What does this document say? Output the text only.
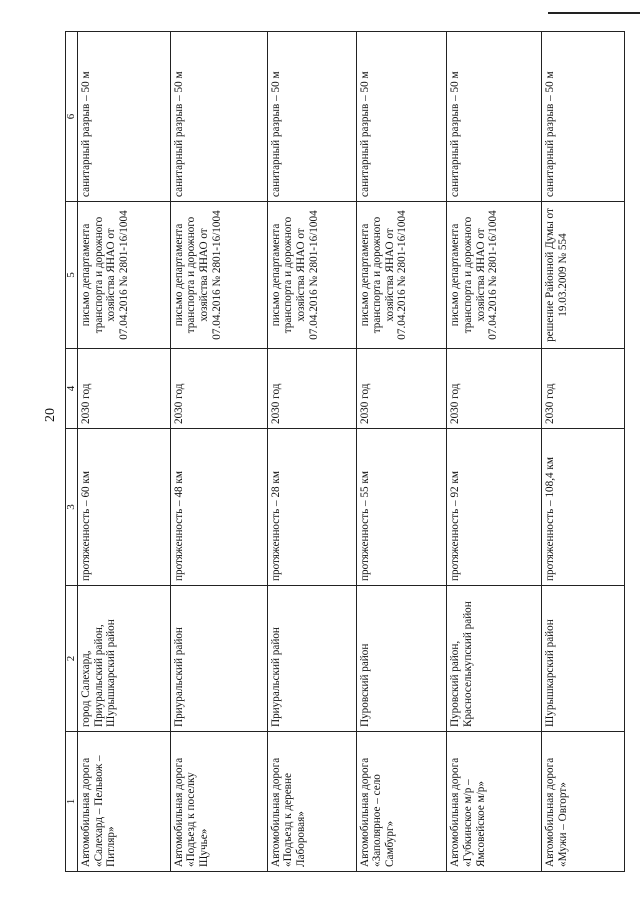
20
1	2	3	4	5	6
Автомобильная дорога «Салехард – Пельвож – Питляр»	город Салехард, Приуральский район, Шурышкарский район	протяженность – 60 км	2030 год	письмо департамента транспорта и дорожного хозяйства ЯНАО от 07.04.2016 № 2801-16/1004	санитарный разрыв – 50 м
Автомобильная дорога «Подъезд к поселку Щучье»	Приуральский район	протяженность – 48 км	2030 год	письмо департамента транспорта и дорожного хозяйства ЯНАО от 07.04.2016 № 2801-16/1004	санитарный разрыв – 50 м
Автомобильная дорога «Подъезд к деревне Лаборовая»	Приуральский район	протяженность – 28 км	2030 год	письмо департамента транспорта и дорожного хозяйства ЯНАО от 07.04.2016 № 2801-16/1004	санитарный разрыв – 50 м
Автомобильная дорога «Заполярное – село Самбург»	Пуровский район	протяженность – 55 км	2030 год	письмо департамента транспорта и дорожного хозяйства ЯНАО от 07.04.2016 № 2801-16/1004	санитарный разрыв – 50 м
Автомобильная дорога «Губкинское м/р – Ямсовейское м/р»	Пуровский район, Красноселькупский район	протяженность – 92 км	2030 год	письмо департамента транспорта и дорожного хозяйства ЯНАО от 07.04.2016 № 2801-16/1004	санитарный разрыв – 50 м
Автомобильная дорога «Мужи – Овгорт»	Шурышкарский район	протяженность – 108,4 км	2030 год	решение Районной Думы от 19.03.2009 № 554	санитарный разрыв – 50 м
